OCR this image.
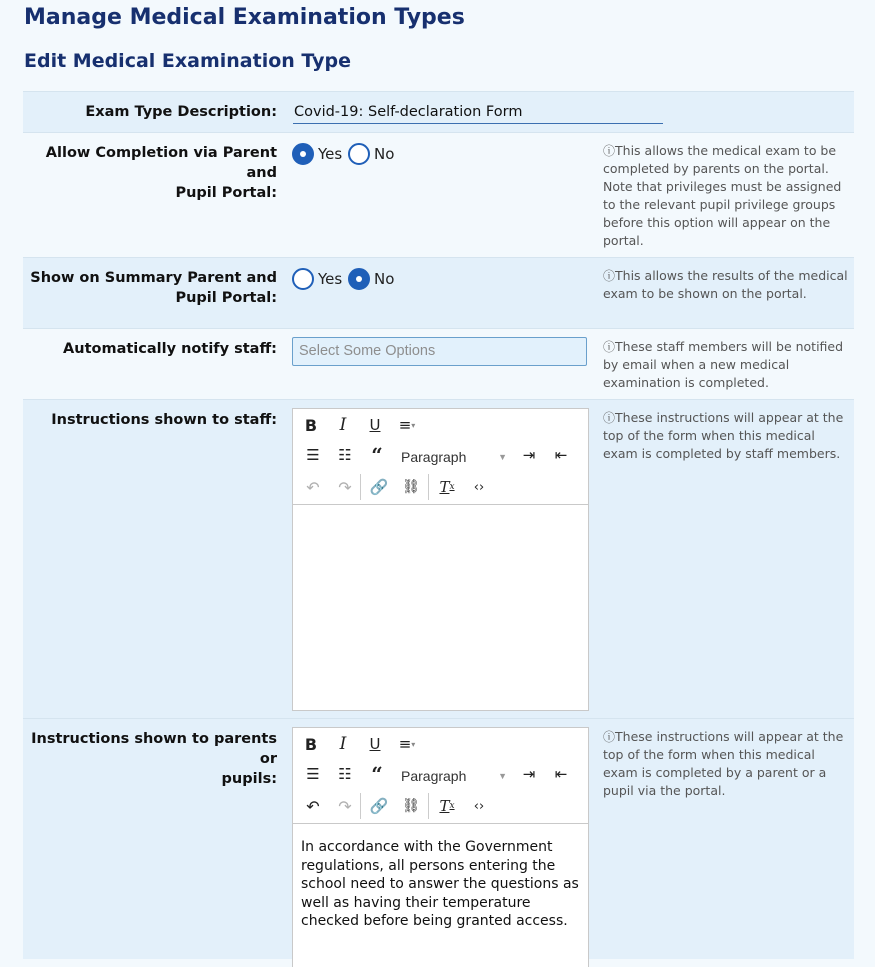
Manage Medical Examination Types
Edit Medical Examination Type
Exam Type Description:
Covid-19: Self-declaration Form
Allow Completion via Parent and
Pupil Portal:
Yes No	ⓘThis allows the medical exam to be completed by parents on the portal. Note that privileges must be assigned to the relevant pupil privilege groups before this option will appear on the portal.
Show on Summary Parent and
Pupil Portal:
Yes No	ⓘThis allows the results of the medical exam to be shown on the portal.
Automatically notify staff:	Select Some Options	ⓘThese staff members will be notified by email when a new medical examination is completed.
Instructions shown to staff:	B	I	U	≡ ▾
☰	☷ “	Paragraph	▼	⇥	⇤
↶	↷	🔗 ⛓	T x	‹›
ⓘThese instructions will appear at the top of the form when this medical exam is completed by staff members.
Instructions shown to parents or
pupils:
B	I	U	≡ ▾
☰	☷ “	Paragraph	▼	⇥	⇤
↶	↷	🔗 ⛓	T x	‹›
In accordance with the Government regulations, all persons entering the school need to answer the questions as well as having their temperature checked before being granted access.
ⓘThese instructions will appear at the top of the form when this medical exam is completed by a parent or a pupil via the portal.
